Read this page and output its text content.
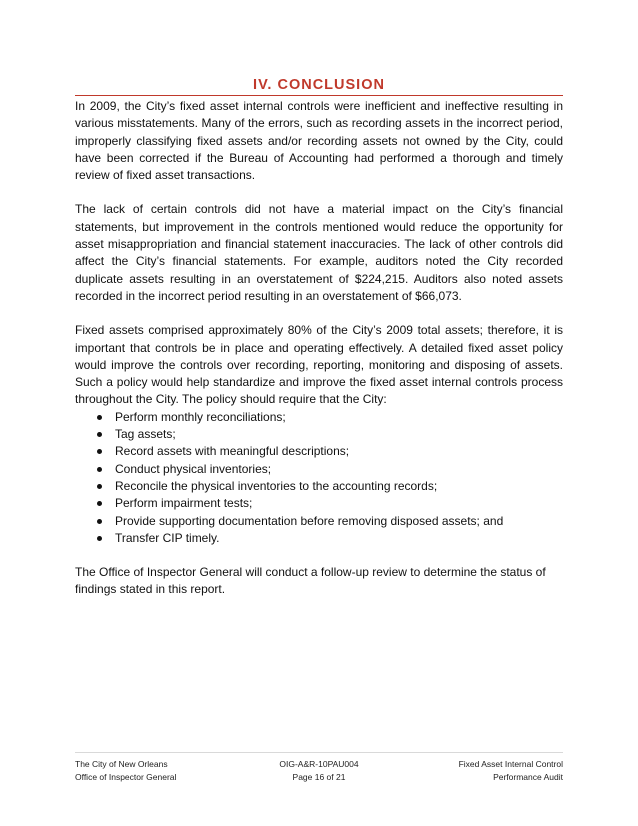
IV. CONCLUSION

In 2009, the City’s fixed asset internal controls were inefficient and ineffective resulting in various misstatements. Many of the errors, such as recording assets in the incorrect period, improperly classifying fixed assets and/or recording assets not owned by the City, could have been corrected if the Bureau of Accounting had performed a thorough and timely review of fixed asset transactions.

The lack of certain controls did not have a material impact on the City’s financial statements, but improvement in the controls mentioned would reduce the opportunity for asset misappropriation and financial statement inaccuracies. The lack of other controls did affect the City’s financial statements. For example, auditors noted the City recorded duplicate assets resulting in an overstatement of $224,215. Auditors also noted assets recorded in the incorrect period resulting in an overstatement of $66,073.

Fixed assets comprised approximately 80% of the City’s 2009 total assets; therefore, it is important that controls be in place and operating effectively. A detailed fixed asset policy would improve the controls over recording, reporting, monitoring and disposing of assets. Such a policy would help standardize and improve the fixed asset internal controls process throughout the City. The policy should require that the City:

Perform monthly reconciliations;
Tag assets;
Record assets with meaningful descriptions;
Conduct physical inventories;
Reconcile the physical inventories to the accounting records;
Perform impairment tests;
Provide supporting documentation before removing disposed assets; and
Transfer CIP timely.

The Office of Inspector General will conduct a follow-up review to determine the status of findings stated in this report.

The City of New Orleans
Office of Inspector General
OIG-A&R-10PAU004
Page 16 of 21
Fixed Asset Internal Control
Performance Audit
